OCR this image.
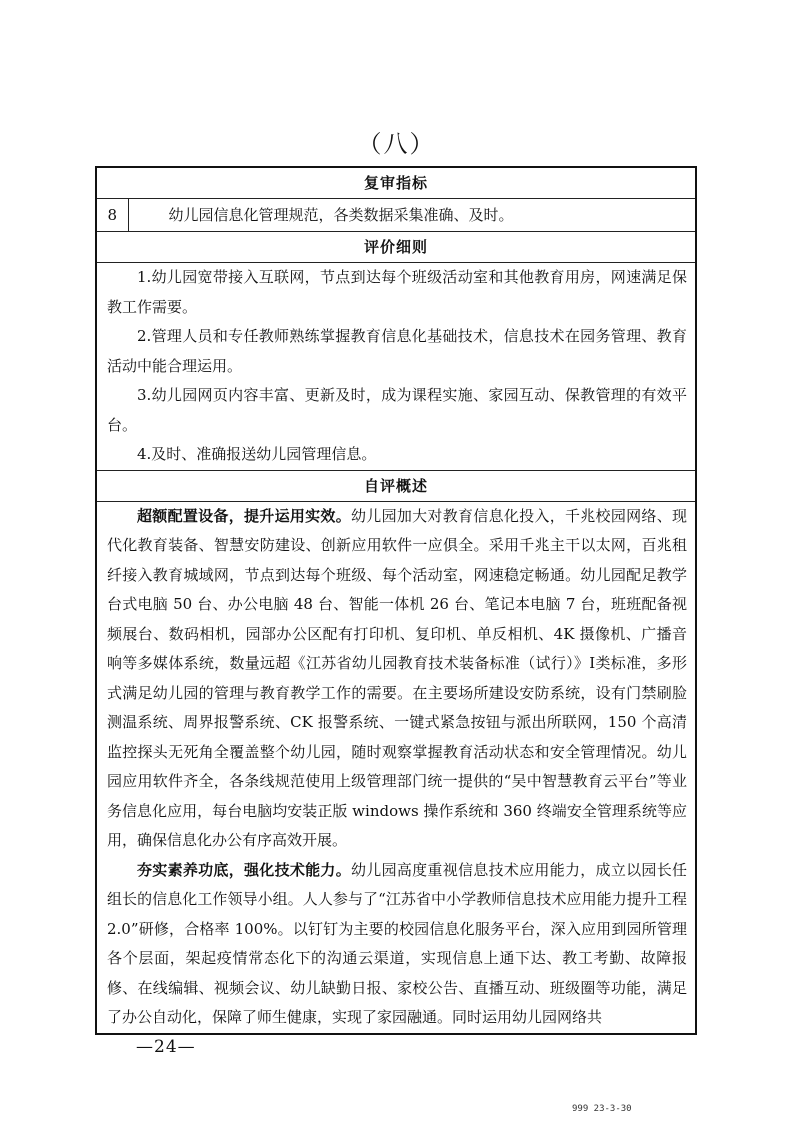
（八）
复审指标
8	幼儿园信息化管理规范，各类数据采集准确、及时。
评价细则

1.幼儿园宽带接入互联网，节点到达每个班级活动室和其他教育用房，网速满足保教工作需要。

2.管理人员和专任教师熟练掌握教育信息化基础技术，信息技术在园务管理、教育活动中能合理运用。

3.幼儿园网页内容丰富、更新及时，成为课程实施、家园互动、保教管理的有效平台。

4.及时、准确报送幼儿园管理信息。

自评概述

超额配置设备，提升运用实效。幼儿园加大对教育信息化投入，千兆校园网络、现代化教育装备、智慧安防建设、创新应用软件一应俱全。采用千兆主干以太网，百兆租纤接入教育城域网，节点到达每个班级、每个活动室，网速稳定畅通。幼儿园配足教学台式电脑 50 台、办公电脑 48 台、智能一体机 26 台、笔记本电脑 7 台，班班配备视频展台、数码相机，园部办公区配有打印机、复印机、单反相机、4K 摄像机、广播音响等多媒体系统，数量远超《江苏省幼儿园教育技术装备标准（试行）》Ⅰ类标准，多形式满足幼儿园的管理与教育教学工作的需要。在主要场所建设安防系统，设有门禁刷脸测温系统、周界报警系统、CK 报警系统、一键式紧急按钮与派出所联网，150 个高清监控探头无死角全覆盖整个幼儿园，随时观察掌握教育活动状态和安全管理情况。幼儿园应用软件齐全，各条线规范使用上级管理部门统一提供的“吴中智慧教育云平台”等业务信息化应用，每台电脑均安装正版 windows 操作系统和 360 终端安全管理系统等应用，确保信息化办公有序高效开展。

夯实素养功底，强化技术能力。幼儿园高度重视信息技术应用能力，成立以园长任组长的信息化工作领导小组。人人参与了“江苏省中小学教师信息技术应用能力提升工程 2.0”研修，合格率 100%。以钉钉为主要的校园信息化服务平台，深入应用到园所管理各个层面，架起疫情常态化下的沟通云渠道，实现信息上通下达、教工考勤、故障报修、在线编辑、视频会议、幼儿缺勤日报、家校公告、直播互动、班级圈等功能，满足了办公自动化，保障了师生健康，实现了家园融通。同时运用幼儿园网络共

—24—
999 23-3-30
